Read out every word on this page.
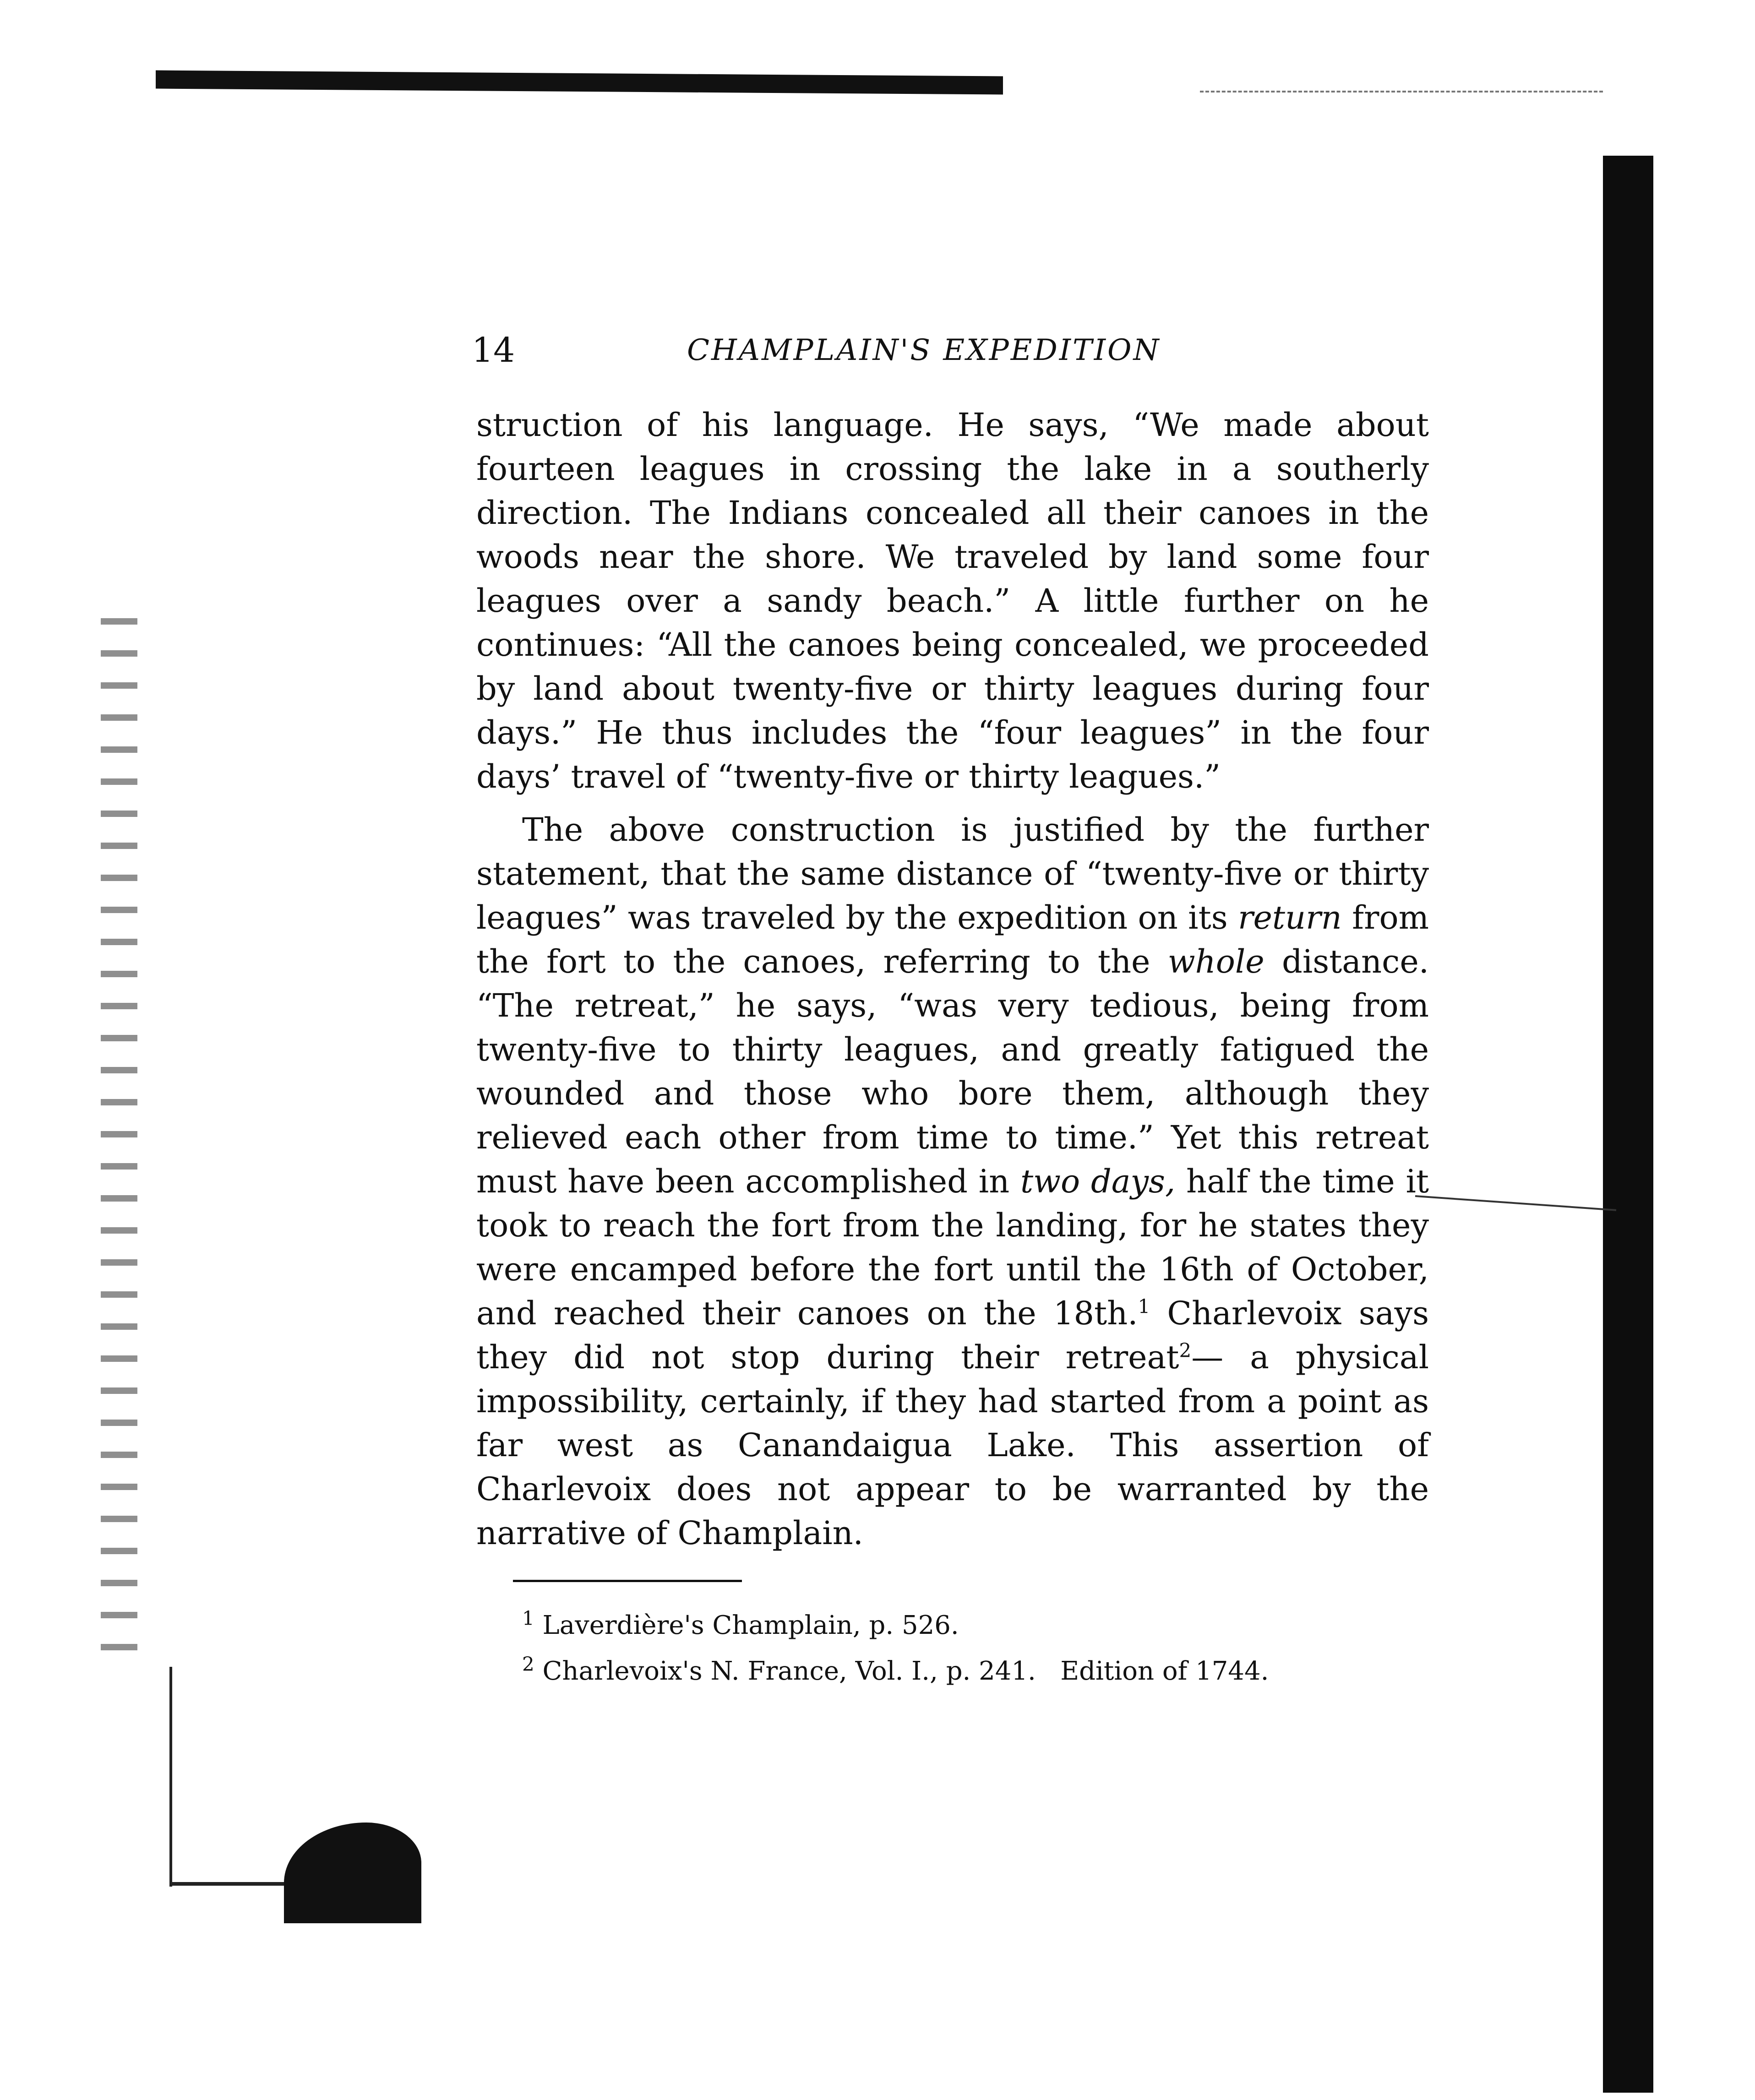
14	CHAMPLAIN'S EXPEDITION

struction of his language. He says, “We made about fourteen leagues in crossing the lake in a southerly direction. The Indians concealed all their canoes in the woods near the shore. We traveled by land some four leagues over a sandy beach.” A little further on he continues: “All the canoes being concealed, we proceeded by land about twenty-five or thirty leagues during four days.” He thus includes the “four leagues” in the four days’ travel of “twenty-five or thirty leagues.”

The above construction is justified by the further statement, that the same distance of “twenty-five or thirty leagues” was traveled by the expedition on its return from the fort to the canoes, referring to the whole distance. “The retreat,” he says, “was very tedious, being from twenty-five to thirty leagues, and greatly fatigued the wounded and those who bore them, although they relieved each other from time to time.” Yet this retreat must have been accomplished in two days, half the time it took to reach the fort from the landing, for he states they were encamped before the fort until the 16th of October, and reached their canoes on the 18th.$^1$ Charlevoix says they did not stop during their retreat$^2$— a physical impossibility, certainly, if they had started from a point as far west as Canandaigua Lake. This assertion of Charlevoix does not appear to be warranted by the narrative of Champlain.

$^1$ Laverdière's Champlain, p. 526.
$^2$ Charlevoix's N. France, Vol. I., p. 241.   Edition of 1744.
